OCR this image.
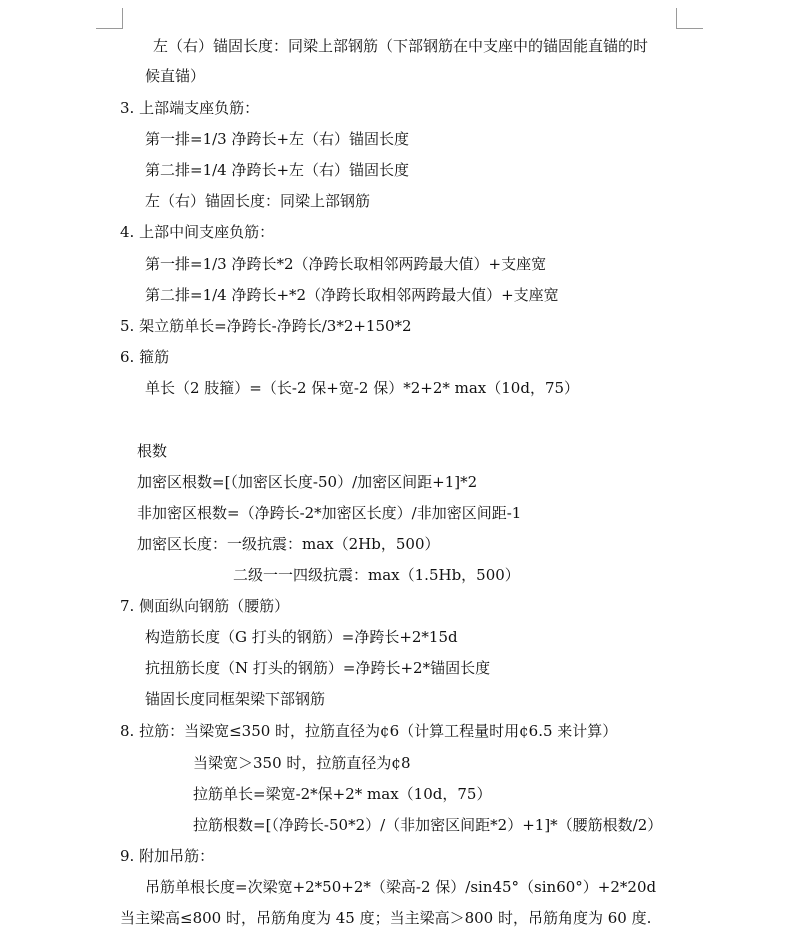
左（右）锚固长度：同梁上部钢筋（下部钢筋在中支座中的锚固能直锚的时
候直锚）
3. 上部端支座负筋：
第一排=1/3 净跨长+左（右）锚固长度
第二排=1/4 净跨长+左（右）锚固长度
左（右）锚固长度：同梁上部钢筋
4. 上部中间支座负筋：
第一排=1/3 净跨长*2（净跨长取相邻两跨最大值）+支座宽
第二排=1/4 净跨长+*2（净跨长取相邻两跨最大值）+支座宽
5. 架立筋单长=净跨长-净跨长/3*2+150*2
6. 箍筋
单长（2 肢箍）=（长-2 保+宽-2 保）*2+2* max（10d，75）
根数
加密区根数=[（加密区长度-50）/加密区间距+1]*2
非加密区根数=（净跨长-2*加密区长度）/非加密区间距-1
加密区长度：一级抗震：max（2Hb，500）
二级一一四级抗震：max（1.5Hb，500）
7. 侧面纵向钢筋（腰筋）
构造筋长度（G 打头的钢筋）=净跨长+2*15d
抗扭筋长度（N 打头的钢筋）=净跨长+2*锚固长度
锚固长度同框架梁下部钢筋
8. 拉筋：当梁宽≤350 时，拉筋直径为¢6（计算工程量时用¢6.5 来计算）
当梁宽＞350 时，拉筋直径为¢8
拉筋单长=梁宽-2*保+2* max（10d，75）
拉筋根数=[（净跨长-50*2）/（非加密区间距*2）+1]*（腰筋根数/2）
9. 附加吊筋：
吊筋单根长度=次梁宽+2*50+2*（梁高-2 保）/sin45°（sin60°）+2*20d
当主梁高≤800 时，吊筋角度为 45 度；当主梁高＞800 时，吊筋角度为 60 度.
